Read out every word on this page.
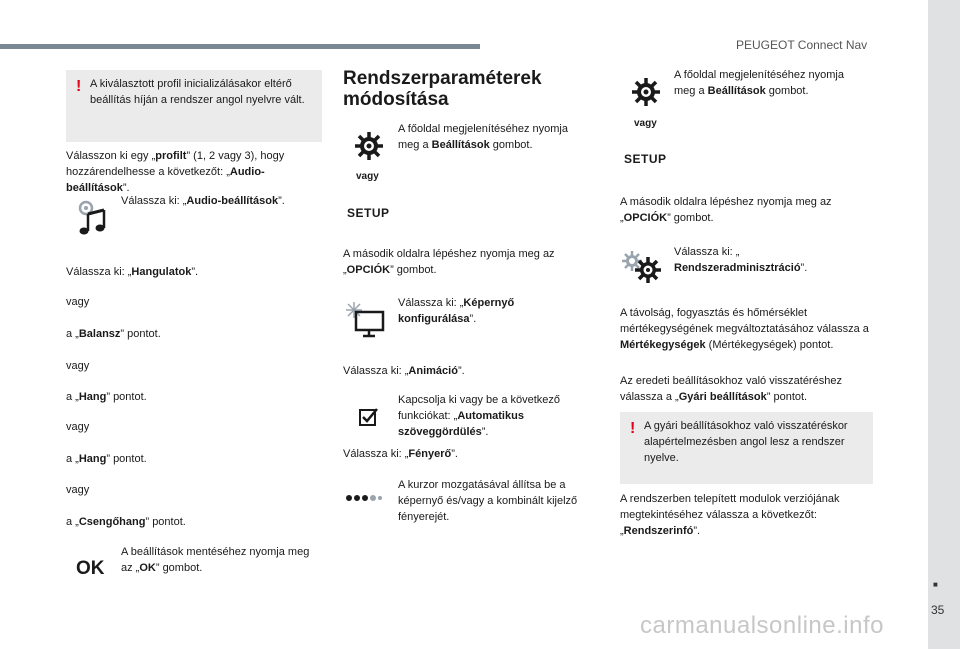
PEUGEOT Connect Nav
■
35
carmanualsonline.info
! A kiválasztott profil inicializálásakor eltérő beállítás híján a rendszer angol nyelvre vált.
Válasszon ki egy „profilt” (1, 2 vagy 3), hogy hozzárendelhesse a következőt: „Audio-beállítások”.
Válassza ki: „Audio-beállítások”.
Válassza ki: „Hangulatok”.
vagy
a „Balansz” pontot.
vagy
a „Hang” pontot.
vagy
a „Hang” pontot.
vagy
a „Csengőhang” pontot.
OK
A beállítások mentéséhez nyomja meg az „OK” gombot.
Rendszerparaméterek módosítása
vagy
SETUP
A főoldal megjelenítéséhez nyomja meg a Beállítások gombot.
A második oldalra lépéshez nyomja meg az „OPCIÓK” gombot.
Válassza ki: „Képernyő konfigurálása”.
Válassza ki: „Animáció”.
Kapcsolja ki vagy be a következő funkciókat: „Automatikus szöveggördülés”.
Válassza ki: „Fényerő”.
A kurzor mozgatásával állítsa be a képernyő és/vagy a kombinált kijelző fényerejét.
vagy
SETUP
A főoldal megjelenítéséhez nyomja meg a Beállítások gombot.
A második oldalra lépéshez nyomja meg az „OPCIÓK” gombot.
Válassza ki: „
Rendszeradminisztráció”.
A távolság, fogyasztás és hőmérséklet mértékegységének megváltoztatásához válassza a Mértékegységek (Mértékegységek) pontot.
Az eredeti beállításokhoz való visszatéréshez válassza a „Gyári beállítások” pontot.
! A gyári beállításokhoz való visszatéréskor alapértelmezésben angol lesz a rendszer nyelve.
A rendszerben telepített modulok verziójának megtekintéséhez válassza a következőt: „Rendszerinfó”.
